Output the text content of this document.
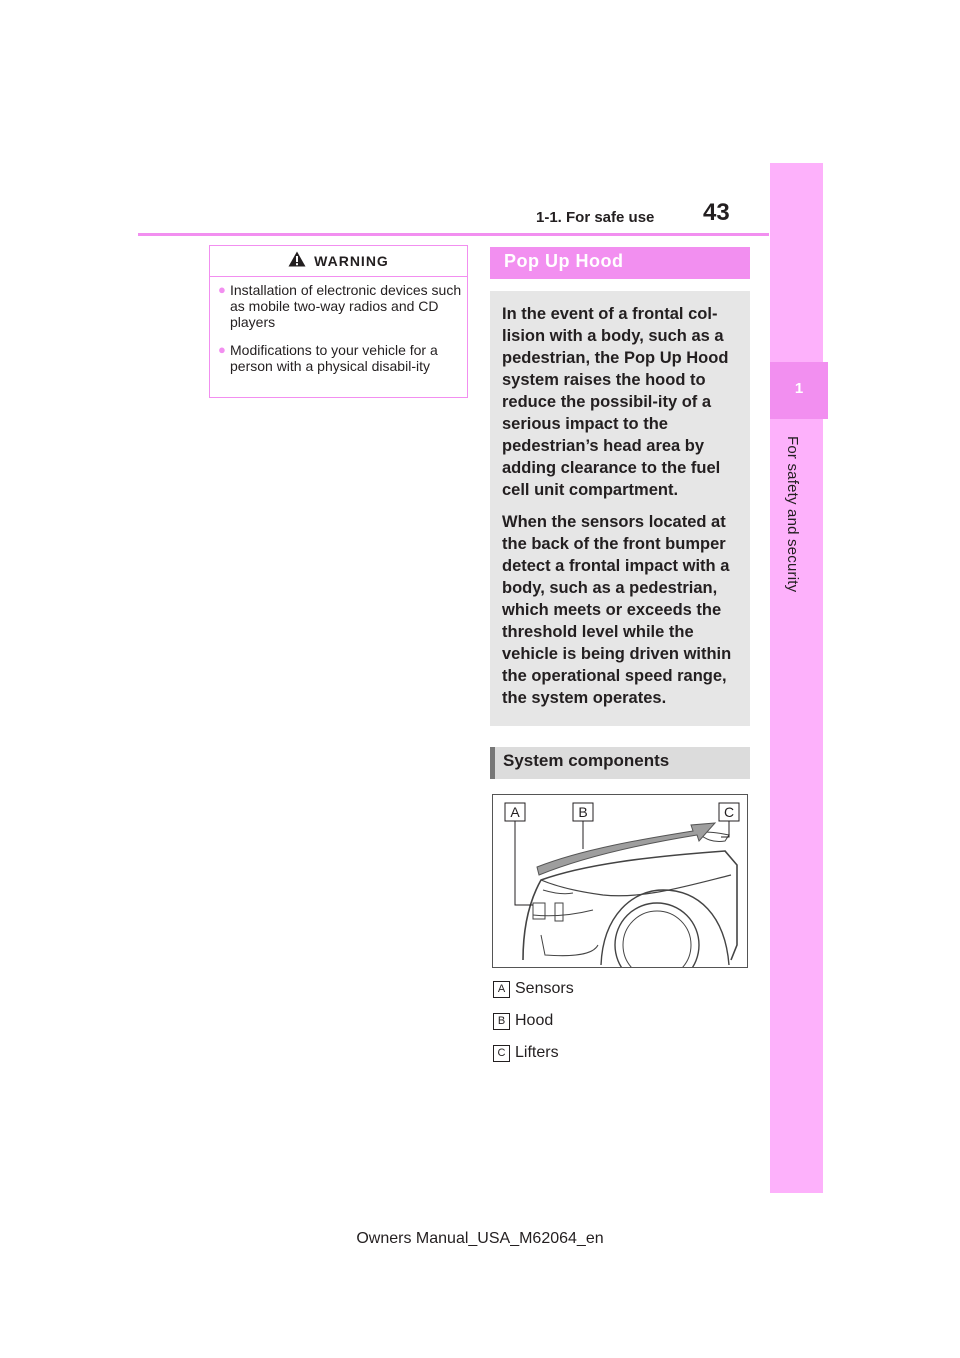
1-1. For safe use 43
1
For safety and security
WARNING
● Installation of electronic devices such as mobile two-way radios and CD players
● Modifications to your vehicle for a person with a physical disabil-ity
Pop Up Hood

In the event of a frontal col-lision with a body, such as a pedestrian, the Pop Up Hood system raises the hood to reduce the possibil-ity of a serious impact to the pedestrian’s head area by adding clearance to the fuel cell unit compartment.

When the sensors located at the back of the front bumper detect a frontal impact with a body, such as a pedestrian, which meets or exceeds the threshold level while the vehicle is being driven within the operational speed range, the system operates.

System components
A	B	C
A Sensors
B Hood
C Lifters
Owners Manual_USA_M62064_en
